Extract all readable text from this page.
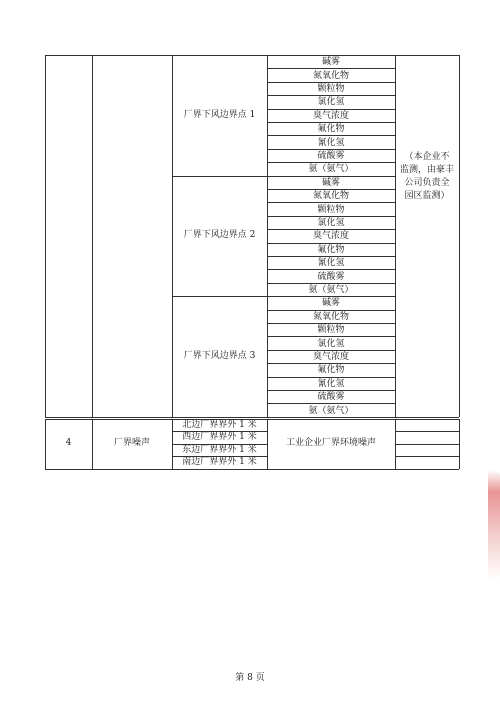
厂界下风边界点 1
碱雾
氮氧化物
颗粒物
氯化氢
臭气浓度
氟化物
氰化氢
硫酸雾
氨（氨气）
厂界下风边界点 2
碱雾
氮氧化物
颗粒物
氯化氢
臭气浓度
氟化物
氰化氢
硫酸雾
氨（氨气）
厂界下风边界点 3
碱雾
氮氧化物
颗粒物
氯化氢
臭气浓度
氟化物
氰化氢
硫酸雾
氨（氨气）
（本企业不
监测，由豪丰
公司负责全
园区监测）
4	厂界噪声
北边厂界界外 1 米
西边厂界界外 1 米
东边厂界界外 1 米
南边厂界界外 1 米
工业企业厂界环境噪声
第 8 页
